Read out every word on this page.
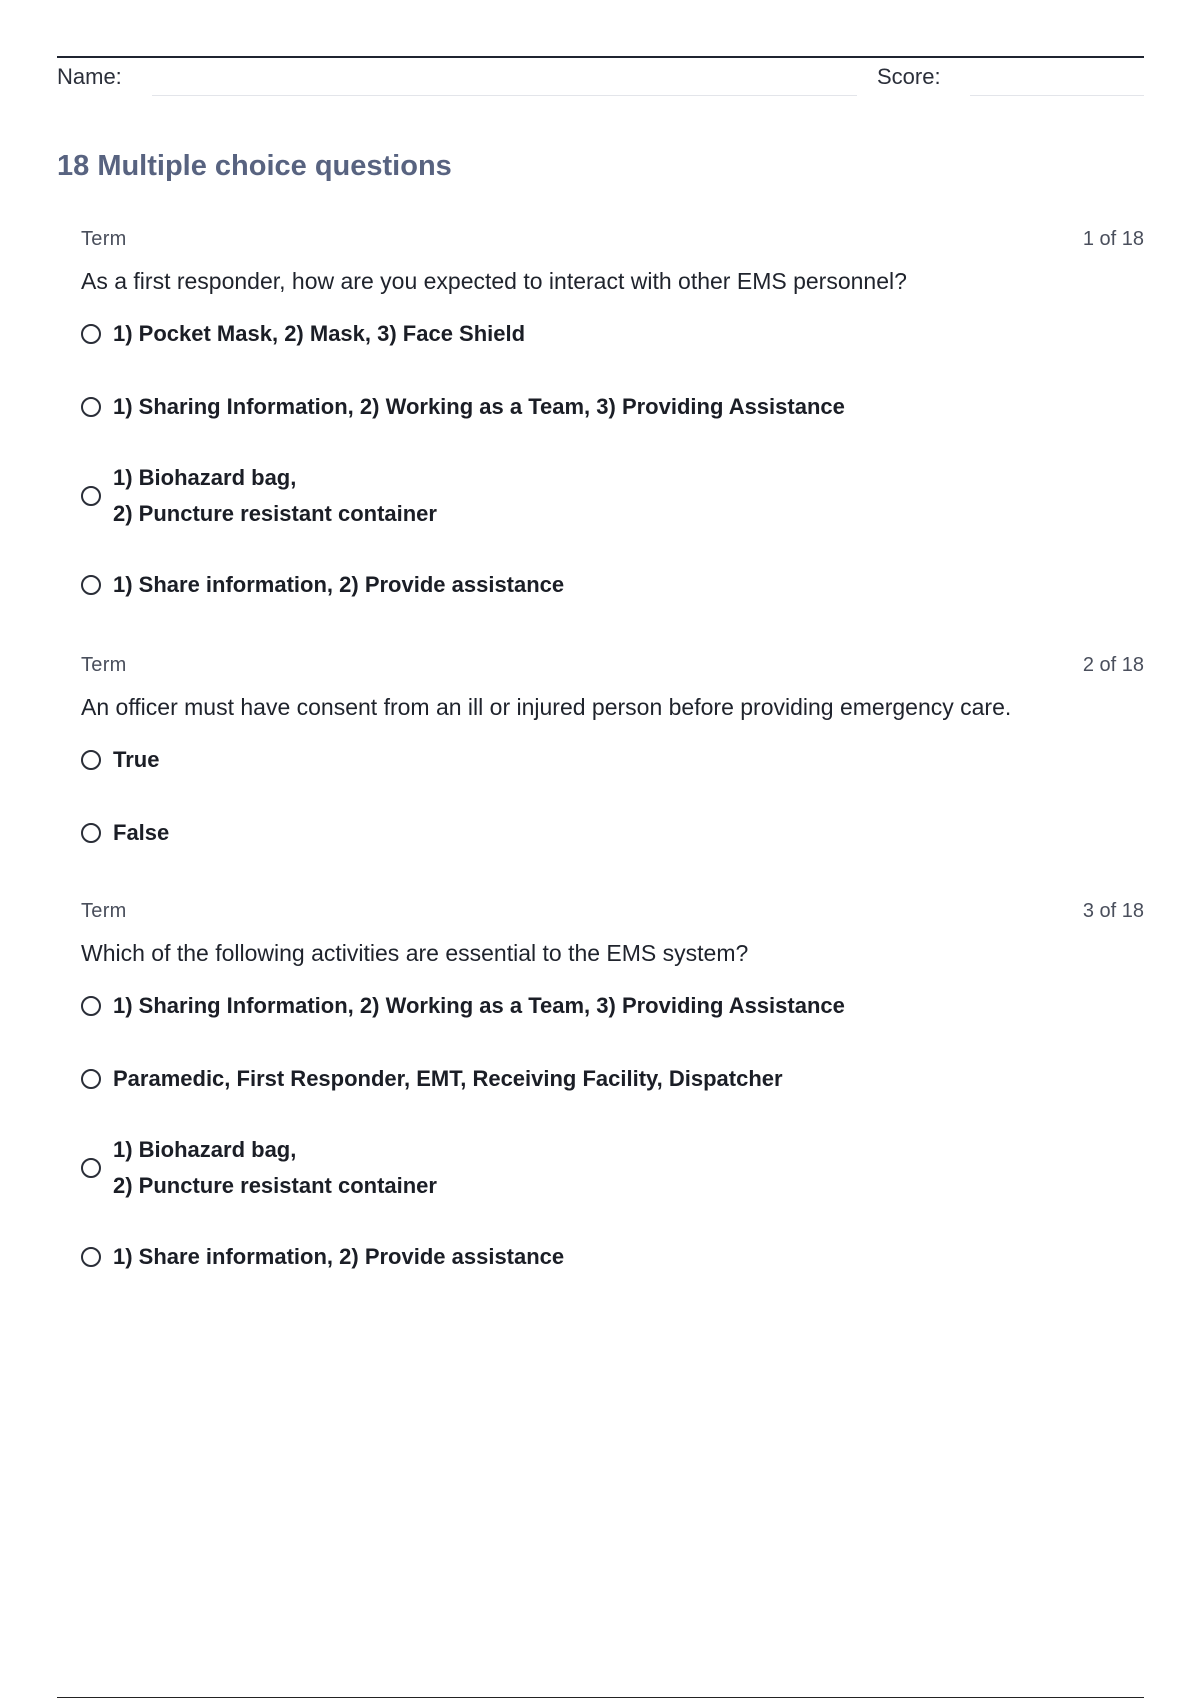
Name:	Score:
18 Multiple choice questions
Term	1 of 18
As a first responder, how are you expected to interact with other EMS personnel?
1) Pocket Mask, 2) Mask, 3) Face Shield
1) Sharing Information, 2) Working as a Team, 3) Providing Assistance
1) Biohazard bag,
2) Puncture resistant container
1) Share information, 2) Provide assistance
Term	2 of 18
An officer must have consent from an ill or injured person before providing emergency care.
True
False
Term	3 of 18
Which of the following activities are essential to the EMS system?
1) Sharing Information, 2) Working as a Team, 3) Providing Assistance
Paramedic, First Responder, EMT, Receiving Facility, Dispatcher
1) Biohazard bag,
2) Puncture resistant container
1) Share information, 2) Provide assistance
